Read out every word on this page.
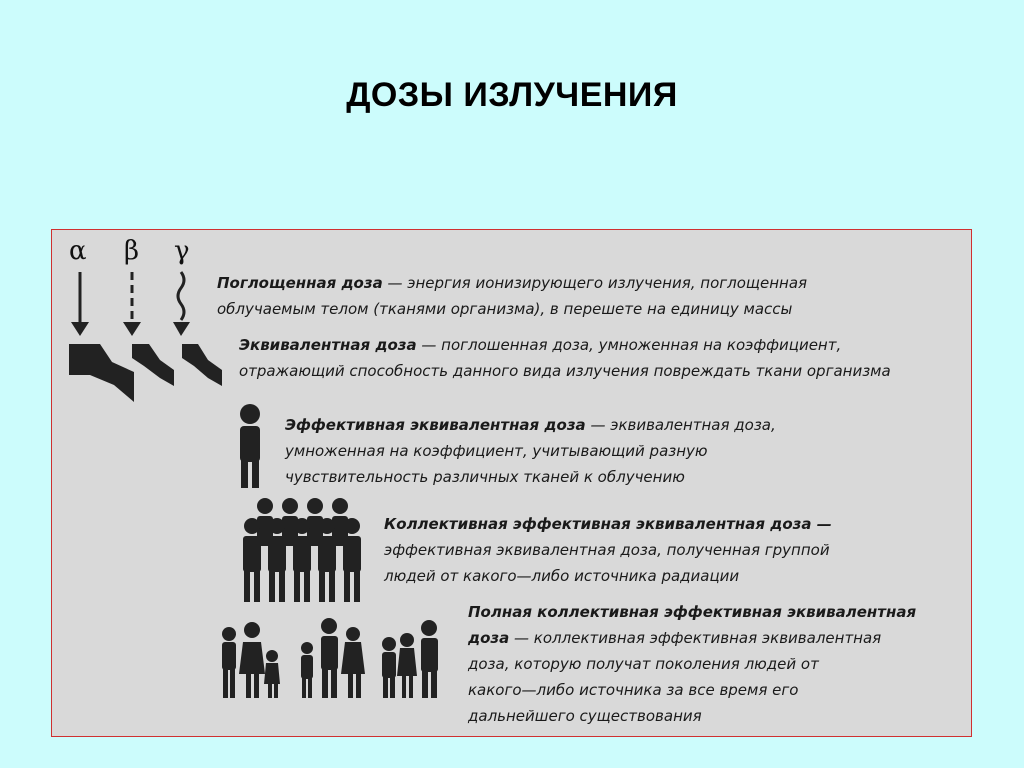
ДОЗЫ ИЗЛУЧЕНИЯ
α β γ
Поглощенная доза — энергия ионизирующего излучения, поглощенная
облучаемым телом (тканями организма), в перешете на единицу массы
Эквивалентная доза — поглошенная доза, умноженная на коэффициент,
отражающий способность данного вида излучения повреждать ткани организма
Эффективная эквивалентная доза — эквивалентная доза,
умноженная на коэффициент, учитывающий разную
чувствительность различных тканей к облучению
Коллективная эффективная эквивалентная доза —
эффективная эквивалентная доза, полученная группой
людей от какого—либо источника радиации
Полная коллективная эффективная эквивалентная
доза — коллективная эффективная эквивалентная
доза, которую получат поколения людей от
какого—либо источника за все время его
дальнейшего существования
